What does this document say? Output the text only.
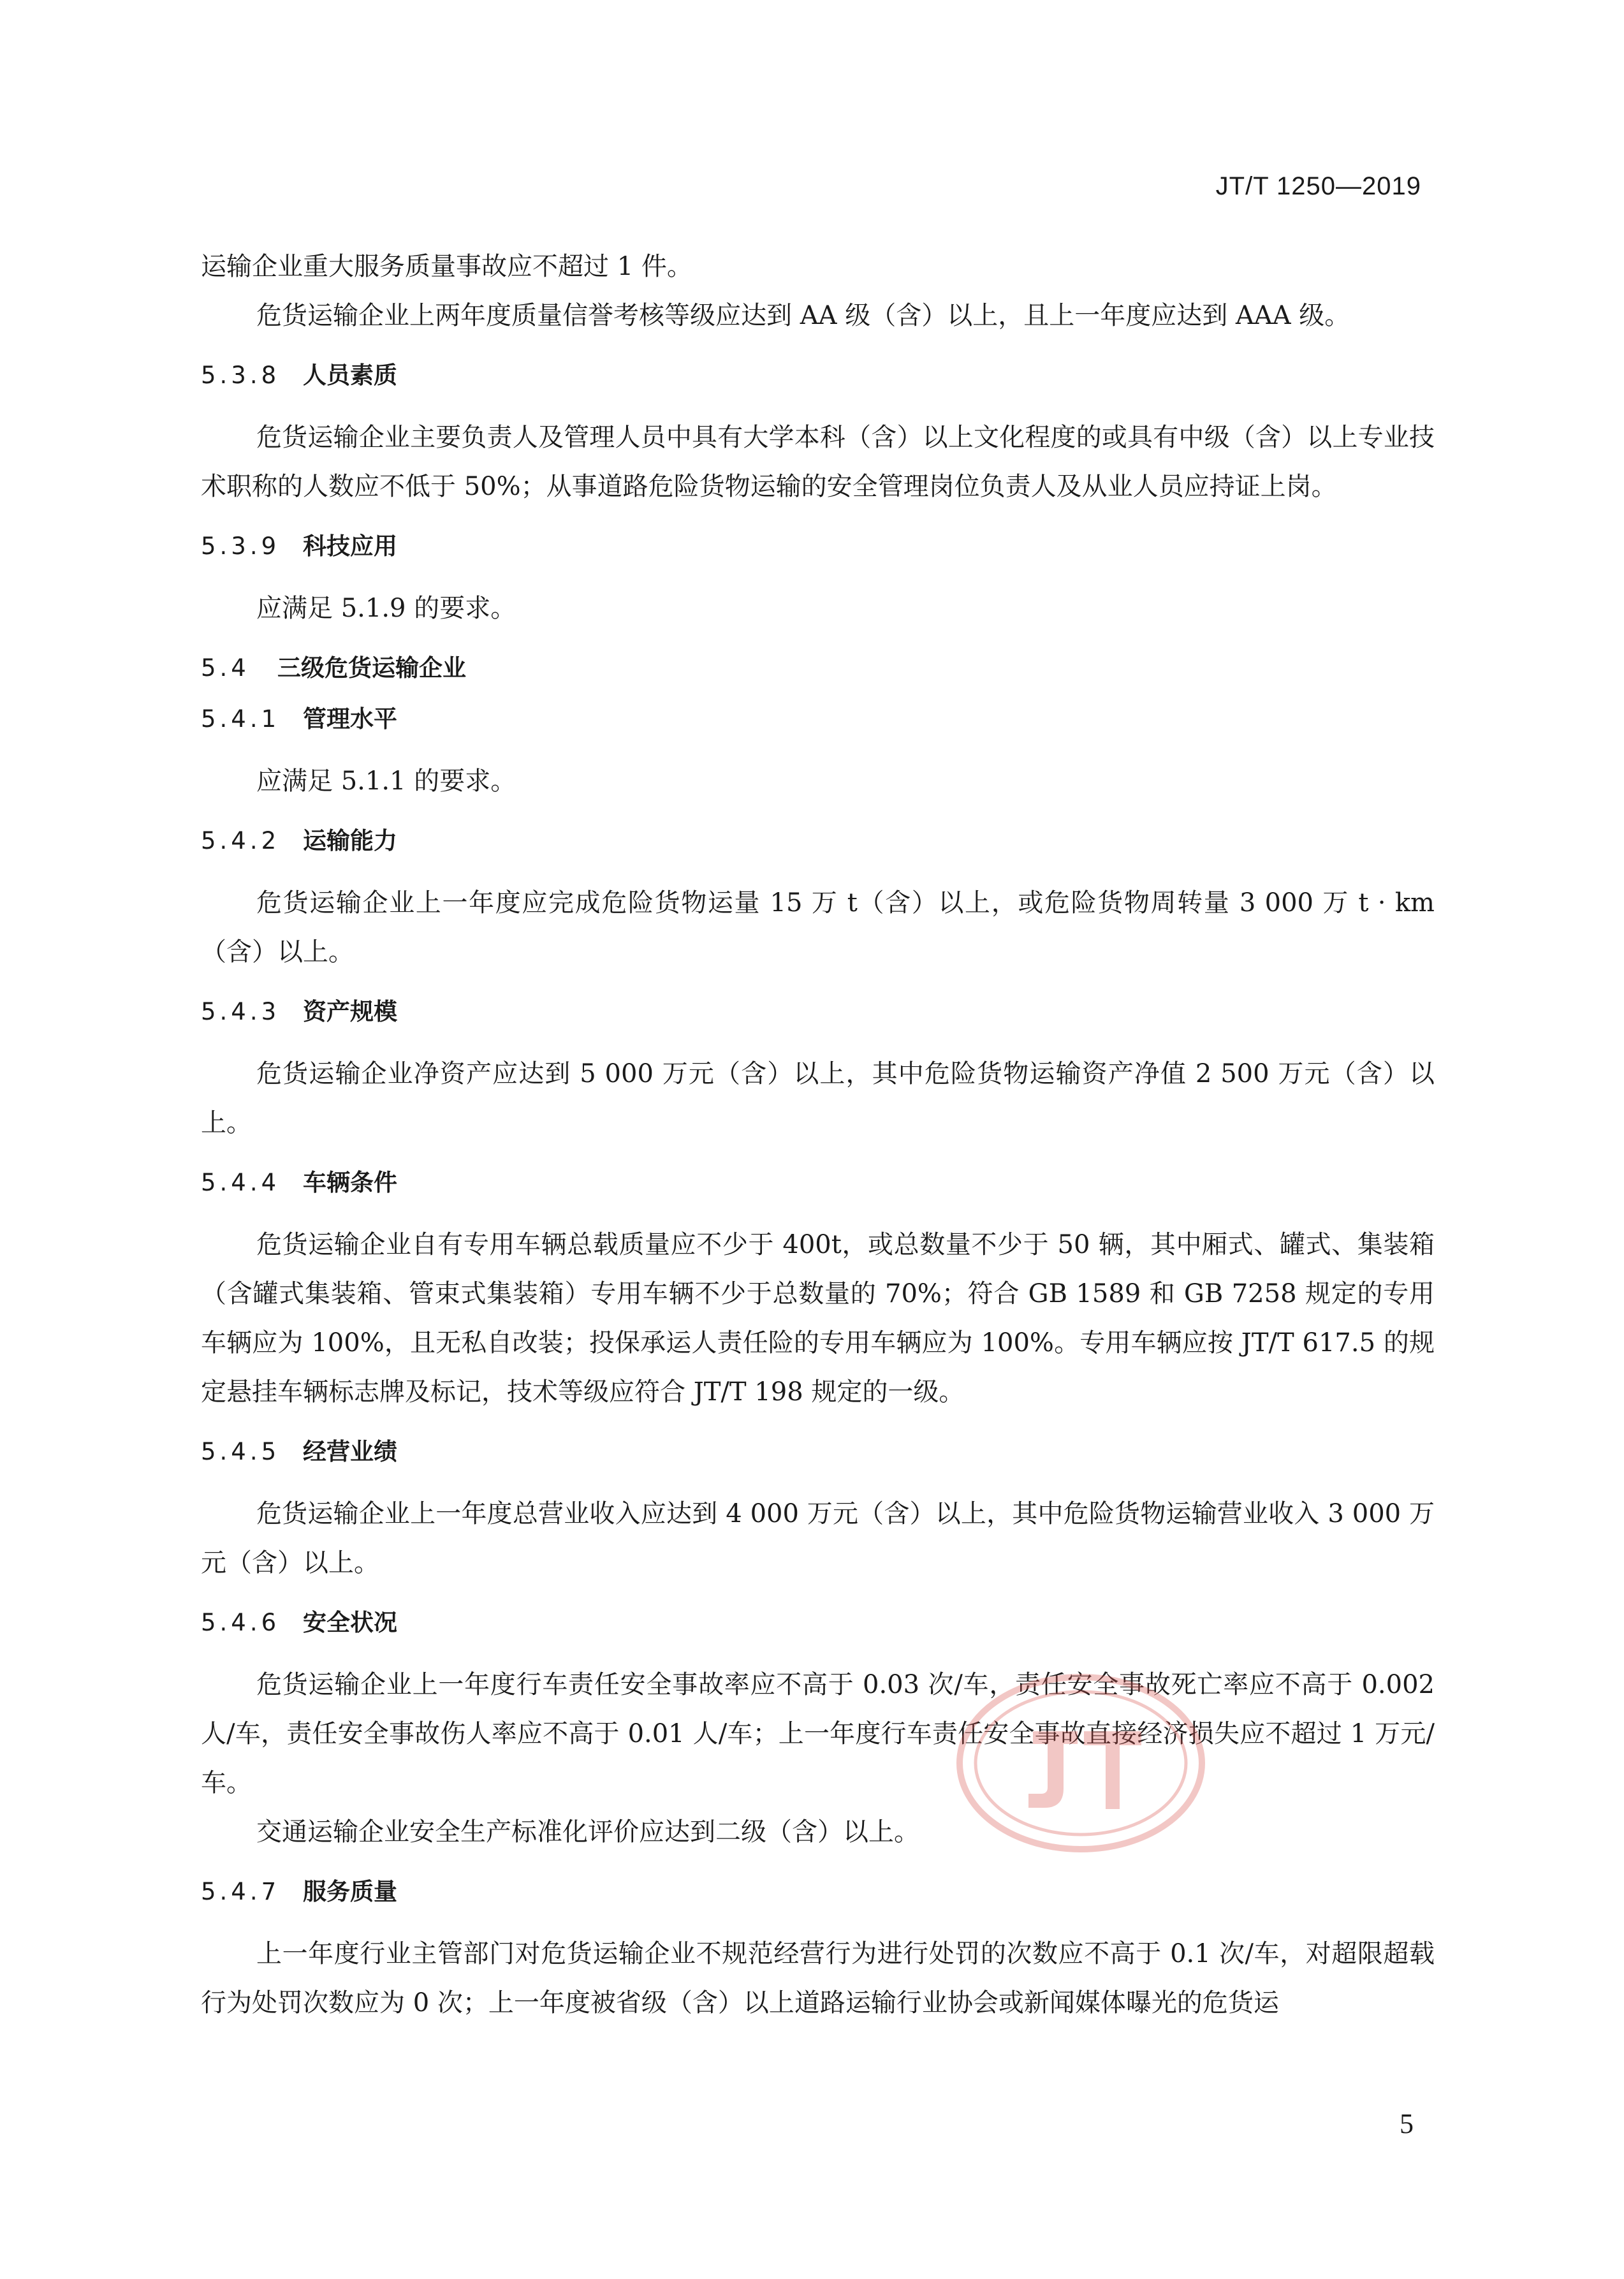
JT/T 1250—2019

运输企业重大服务质量事故应不超过 1 件。

危货运输企业上两年度质量信誉考核等级应达到 AA 级（含）以上，且上一年度应达到 AAA 级。

5.3.8 人员素质

危货运输企业主要负责人及管理人员中具有大学本科（含）以上文化程度的或具有中级（含）以上专业技术职称的人数应不低于 50%；从事道路危险货物运输的安全管理岗位负责人及从业人员应持证上岗。

5.3.9 科技应用

应满足 5.1.9 的要求。

5.4 三级危货运输企业
5.4.1 管理水平

应满足 5.1.1 的要求。

5.4.2 运输能力

危货运输企业上一年度应完成危险货物运量 15 万 t（含）以上，或危险货物周转量 3 000 万 t · km（含）以上。

5.4.3 资产规模

危货运输企业净资产应达到 5 000 万元（含）以上，其中危险货物运输资产净值 2 500 万元（含）以上。

5.4.4 车辆条件

危货运输企业自有专用车辆总载质量应不少于 400t，或总数量不少于 50 辆，其中厢式、罐式、集装箱（含罐式集装箱、管束式集装箱）专用车辆不少于总数量的 70%；符合 GB 1589 和 GB 7258 规定的专用车辆应为 100%，且无私自改装；投保承运人责任险的专用车辆应为 100%。专用车辆应按 JT/T 617.5 的规定悬挂车辆标志牌及标记，技术等级应符合 JT/T 198 规定的一级。

5.4.5 经营业绩

危货运输企业上一年度总营业收入应达到 4 000 万元（含）以上，其中危险货物运输营业收入 3 000 万元（含）以上。

5.4.6 安全状况

危货运输企业上一年度行车责任安全事故率应不高于 0.03 次/车，责任安全事故死亡率应不高于 0.002 人/车，责任安全事故伤人率应不高于 0.01 人/车；上一年度行车责任安全事故直接经济损失应不超过 1 万元/车。

交通运输企业安全生产标准化评价应达到二级（含）以上。

5.4.7 服务质量

上一年度行业主管部门对危货运输企业不规范经营行为进行处罚的次数应不高于 0.1 次/车，对超限超载行为处罚次数应为 0 次；上一年度被省级（含）以上道路运输行业协会或新闻媒体曝光的危货运

5
